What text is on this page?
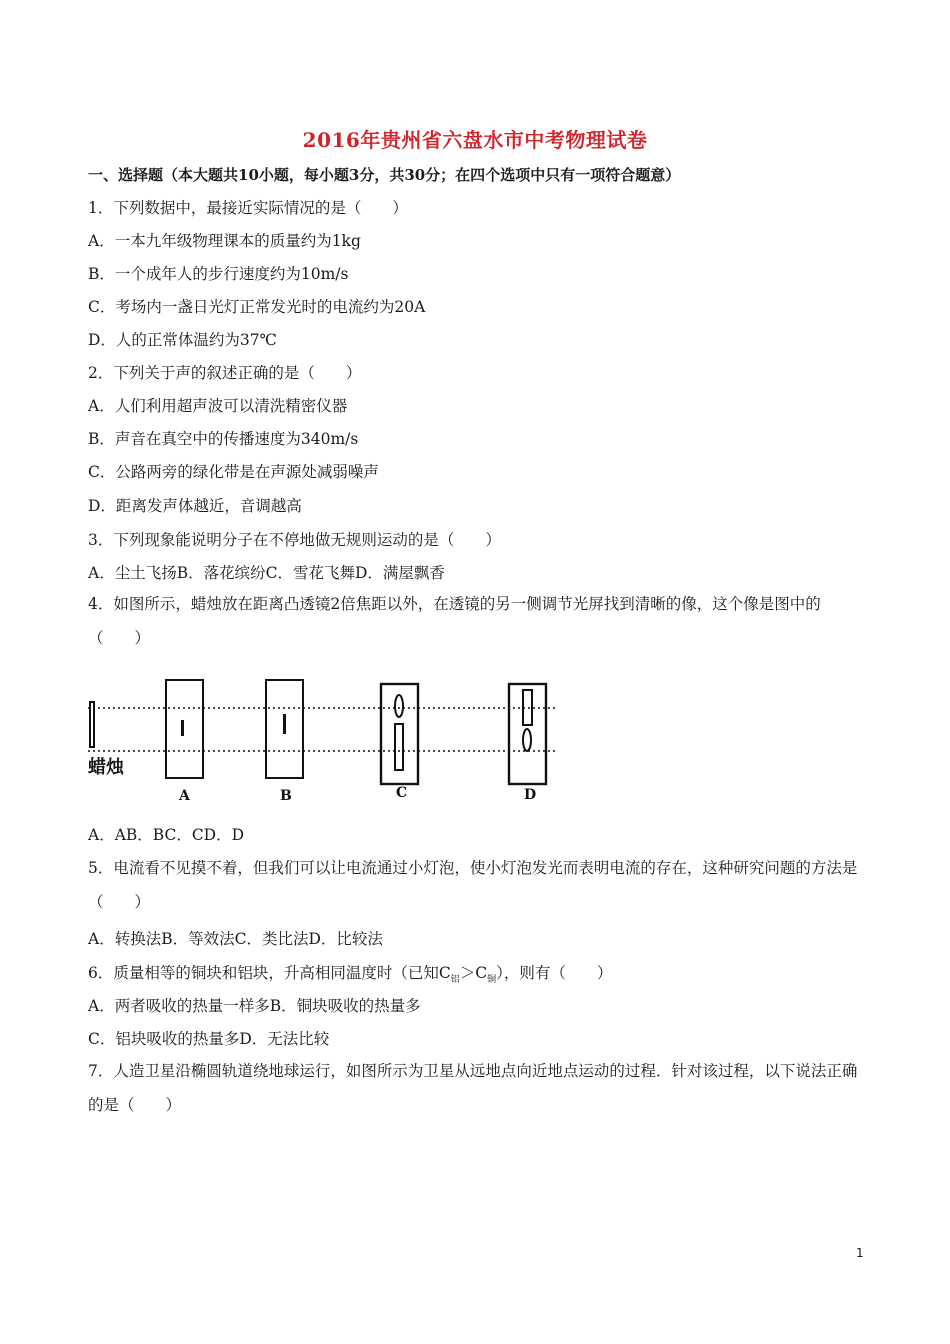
2016年贵州省六盘水市中考物理试卷
一、选择题（本大题共10小题，每小题3分，共30分；在四个选项中只有一项符合题意）
1．下列数据中，最接近实际情况的是（　　）
A．一本九年级物理课本的质量约为1kg
B．一个成年人的步行速度约为10m/s
C．考场内一盏日光灯正常发光时的电流约为20A
D．人的正常体温约为37℃
2．下列关于声的叙述正确的是（　　）
A．人们利用超声波可以清洗精密仪器
B．声音在真空中的传播速度为340m/s
C．公路两旁的绿化带是在声源处减弱噪声
D．距离发声体越近，音调越高
3．下列现象能说明分子在不停地做无规则运动的是（　　）
A．尘土飞扬B．落花缤纷C．雪花飞舞D．满屋飘香
4．如图所示，蜡烛放在距离凸透镜2倍焦距以外，在透镜的另一侧调节光屏找到清晰的像，这个像是图中的（　　）
蜡烛
A	B	C	D
A．AB．BC．CD．D
5．电流看不见摸不着，但我们可以让电流通过小灯泡，使小灯泡发光而表明电流的存在，这种研究问题的方法是（　　）
A．转换法B．等效法C．类比法D．比较法
6．质量相等的铜块和铝块，升高相同温度时（已知$C_铝>C_铜$），则有（　　）
A．两者吸收的热量一样多B．铜块吸收的热量多
C．铝块吸收的热量多D．无法比较
7．人造卫星沿椭圆轨道绕地球运行，如图所示为卫星从远地点向近地点运动的过程．针对该过程，以下说法正确的是（　　）
1
